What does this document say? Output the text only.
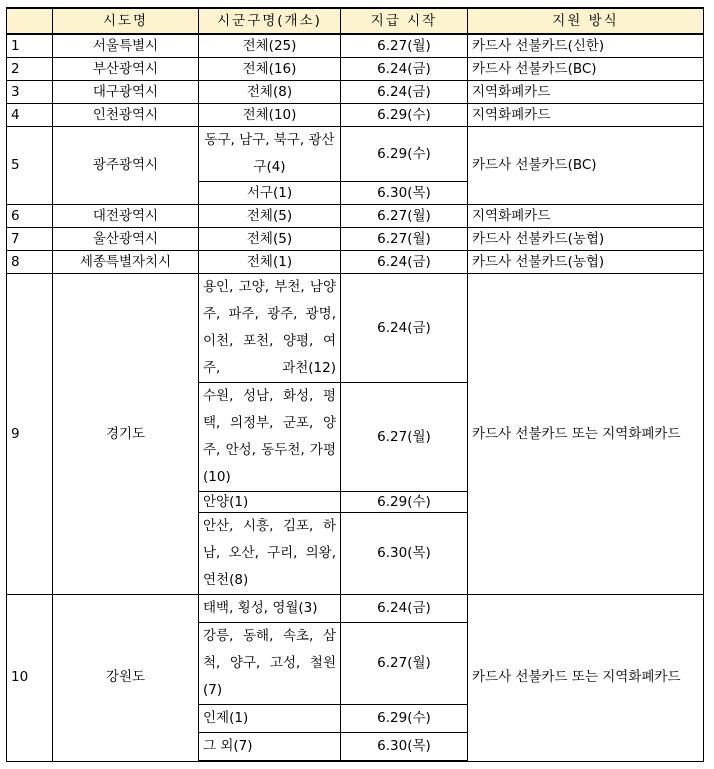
	시도명	시군구명(개소)	지급 시작	지원 방식
1	서울특별시	전체(25)	6.27(월)	카드사 선불카드(신한)
2	부산광역시	전체(16)	6.24(금)	카드사 선불카드(BC)
3	대구광역시	전체(8)	6.24(금)	지역화폐카드
4	인천광역시	전체(10)	6.29(수)	지역화폐카드
5	광주광역시	동구, 남구, 북구, 광산구(4)	6.29(수)	카드사 선불카드(BC)
		서구(1)	6.30(목)	
6	대전광역시	전체(5)	6.27(월)	지역화폐카드
7	울산광역시	전체(5)	6.27(월)	카드사 선불카드(농협)
8	세종특별자치시	전체(1)	6.24(금)	카드사 선불카드(농협)
9	경기도	용인, 고양, 부천, 남양주, 파주, 광주, 광명, 이천, 포천, 양평, 여주, 과천(12)	6.24(금)	카드사 선불카드 또는 지역화폐카드
		수원, 성남, 화성, 평택, 의정부, 군포, 양주, 안성, 동두천, 가평(10)	6.27(월)	
		안양(1)	6.29(수)	
		안산, 시흥, 김포, 하남, 오산, 구리, 의왕, 연천(8)	6.30(목)	
10	강원도	태백, 횡성, 영월(3)	6.24(금)	카드사 선불카드 또는 지역화폐카드
		강릉, 동해, 속초, 삼척, 양구, 고성, 철원(7)	6.27(월)	
		인제(1)	6.29(수)	
		그 외(7)	6.30(목)	
